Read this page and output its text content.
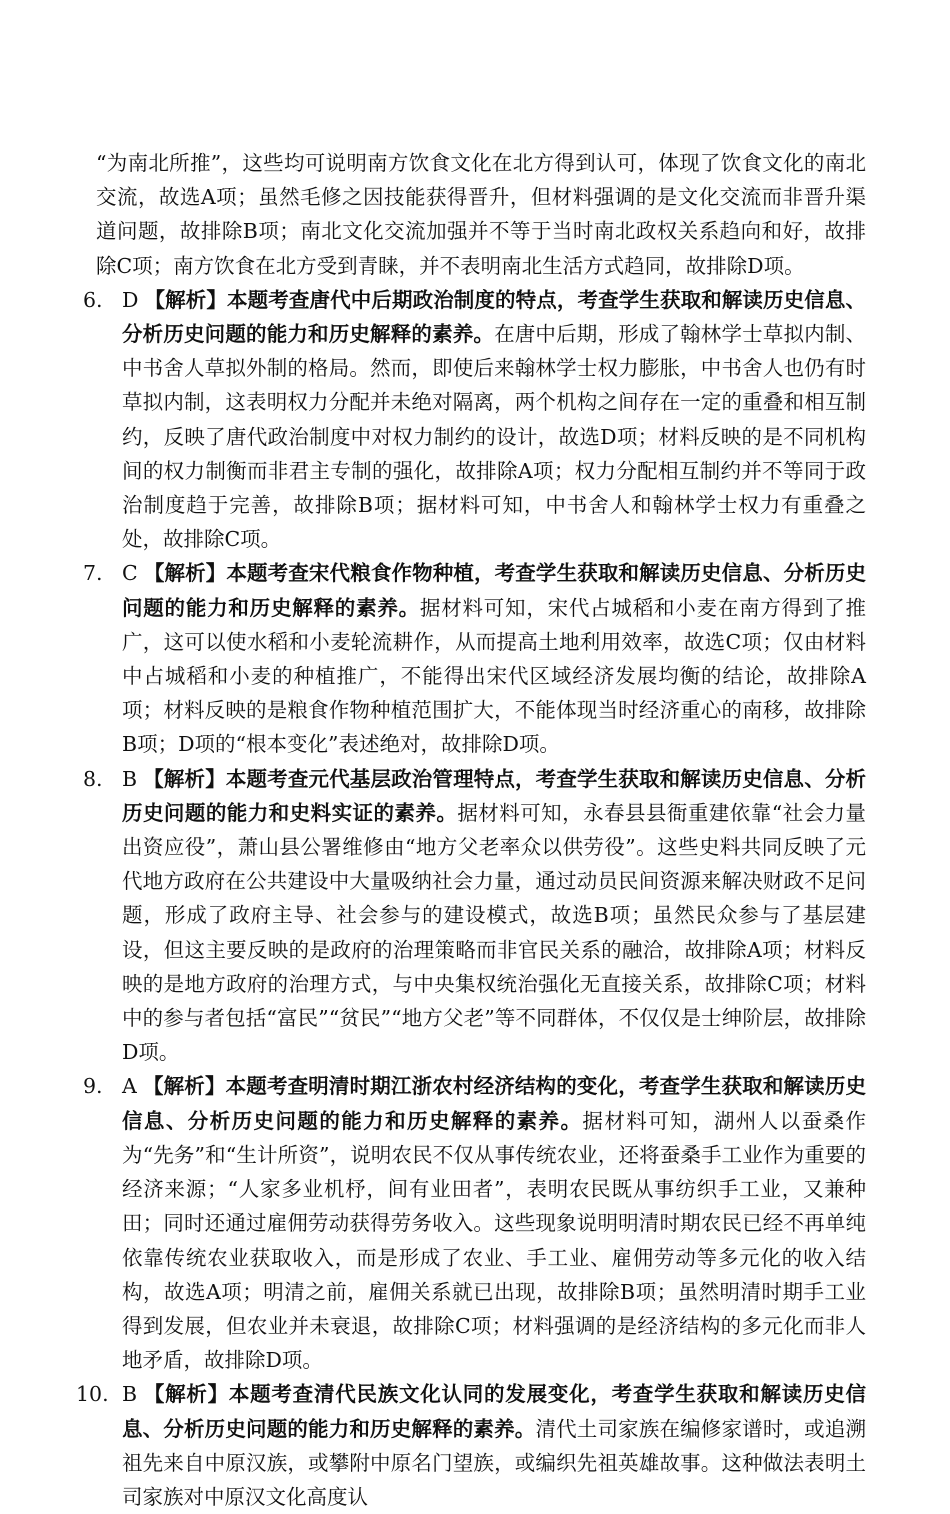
“为南北所推”，这些均可说明南方饮食文化在北方得到认可，体现了饮食文化的南北交流，故选A项；虽然毛修之因技能获得晋升，但材料强调的是文化交流而非晋升渠道问题，故排除B项；南北文化交流加强并不等于当时南北政权关系趋向和好，故排除C项；南方饮食在北方受到青睐，并不表明南北生活方式趋同，故排除D项。

6. D 【解析】本题考查唐代中后期政治制度的特点，考查学生获取和解读历史信息、分析历史问题的能力和历史解释的素养。在唐中后期，形成了翰林学士草拟内制、中书舍人草拟外制的格局。然而，即使后来翰林学士权力膨胀，中书舍人也仍有时草拟内制，这表明权力分配并未绝对隔离，两个机构之间存在一定的重叠和相互制约，反映了唐代政治制度中对权力制约的设计，故选D项；材料反映的是不同机构间的权力制衡而非君主专制的强化，故排除A项；权力分配相互制约并不等同于政治制度趋于完善，故排除B项；据材料可知，中书舍人和翰林学士权力有重叠之处，故排除C项。

7. C 【解析】本题考查宋代粮食作物种植，考查学生获取和解读历史信息、分析历史问题的能力和历史解释的素养。据材料可知，宋代占城稻和小麦在南方得到了推广，这可以使水稻和小麦轮流耕作，从而提高土地利用效率，故选C项；仅由材料中占城稻和小麦的种植推广，不能得出宋代区域经济发展均衡的结论，故排除A项；材料反映的是粮食作物种植范围扩大，不能体现当时经济重心的南移，故排除B项；D项的“根本变化”表述绝对，故排除D项。

8. B 【解析】本题考查元代基层政治管理特点，考查学生获取和解读历史信息、分析历史问题的能力和史料实证的素养。据材料可知，永春县县衙重建依靠“社会力量出资应役”，萧山县公署维修由“地方父老率众以供劳役”。这些史料共同反映了元代地方政府在公共建设中大量吸纳社会力量，通过动员民间资源来解决财政不足问题，形成了政府主导、社会参与的建设模式，故选B项；虽然民众参与了基层建设，但这主要反映的是政府的治理策略而非官民关系的融洽，故排除A项；材料反映的是地方政府的治理方式，与中央集权统治强化无直接关系，故排除C项；材料中的参与者包括“富民”“贫民”“地方父老”等不同群体，不仅仅是士绅阶层，故排除D项。

9. A 【解析】本题考查明清时期江浙农村经济结构的变化，考查学生获取和解读历史信息、分析历史问题的能力和历史解释的素养。据材料可知，湖州人以蚕桑作为“先务”和“生计所资”，说明农民不仅从事传统农业，还将蚕桑手工业作为重要的经济来源；“人家多业机杼，间有业田者”，表明农民既从事纺织手工业，又兼种田；同时还通过雇佣劳动获得劳务收入。这些现象说明明清时期农民已经不再单纯依靠传统农业获取收入，而是形成了农业、手工业、雇佣劳动等多元化的收入结构，故选A项；明清之前，雇佣关系就已出现，故排除B项；虽然明清时期手工业得到发展，但农业并未衰退，故排除C项；材料强调的是经济结构的多元化而非人地矛盾，故排除D项。

10. B 【解析】本题考查清代民族文化认同的发展变化，考查学生获取和解读历史信息、分析历史问题的能力和历史解释的素养。清代土司家族在编修家谱时，或追溯祖先来自中原汉族，或攀附中原名门望族，或编织先祖英雄故事。这种做法表明土司家族对中原汉文化高度认
